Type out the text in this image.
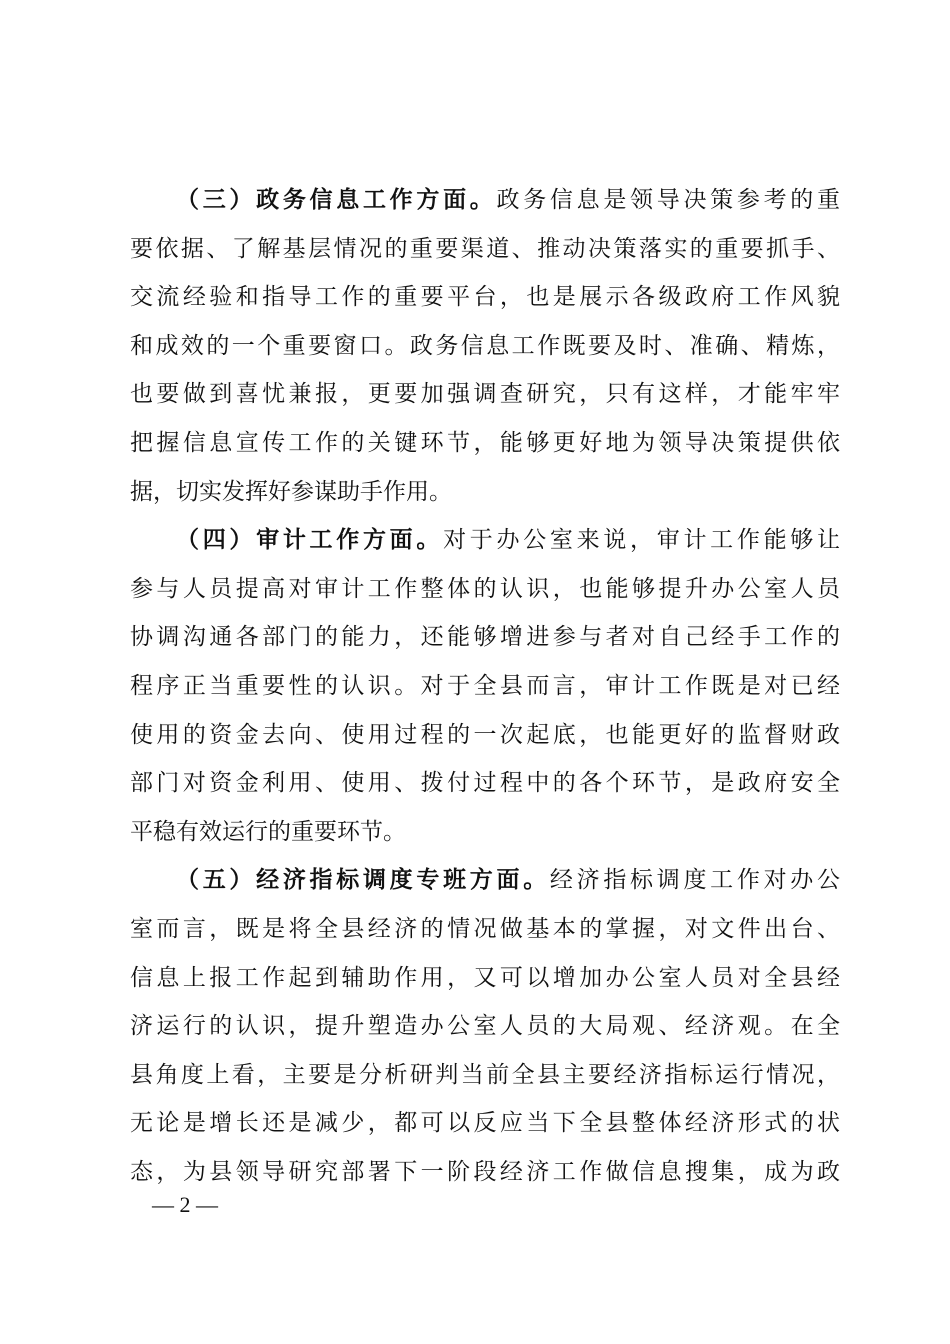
（三）政务信息工作方面。政务信息是领导决策参考的重
要依据、了解基层情况的重要渠道、推动决策落实的重要抓手、
交流经验和指导工作的重要平台，也是展示各级政府工作风貌
和成效的一个重要窗口。政务信息工作既要及时、准确、精炼，
也要做到喜忧兼报，更要加强调查研究，只有这样，才能牢牢
把握信息宣传工作的关键环节，能够更好地为领导决策提供依
据，切实发挥好参谋助手作用。
（四）审计工作方面。对于办公室来说，审计工作能够让
参与人员提高对审计工作整体的认识，也能够提升办公室人员
协调沟通各部门的能力，还能够增进参与者对自己经手工作的
程序正当重要性的认识。对于全县而言，审计工作既是对已经
使用的资金去向、使用过程的一次起底，也能更好的监督财政
部门对资金利用、使用、拨付过程中的各个环节，是政府安全
平稳有效运行的重要环节。
（五）经济指标调度专班方面。经济指标调度工作对办公
室而言，既是将全县经济的情况做基本的掌握，对文件出台、
信息上报工作起到辅助作用，又可以增加办公室人员对全县经
济运行的认识，提升塑造办公室人员的大局观、经济观。在全
县角度上看，主要是分析研判当前全县主要经济指标运行情况，
无论是增长还是减少，都可以反应当下全县整体经济形式的状
态，为县领导研究部署下一阶段经济工作做信息搜集，成为政
— 2 —
